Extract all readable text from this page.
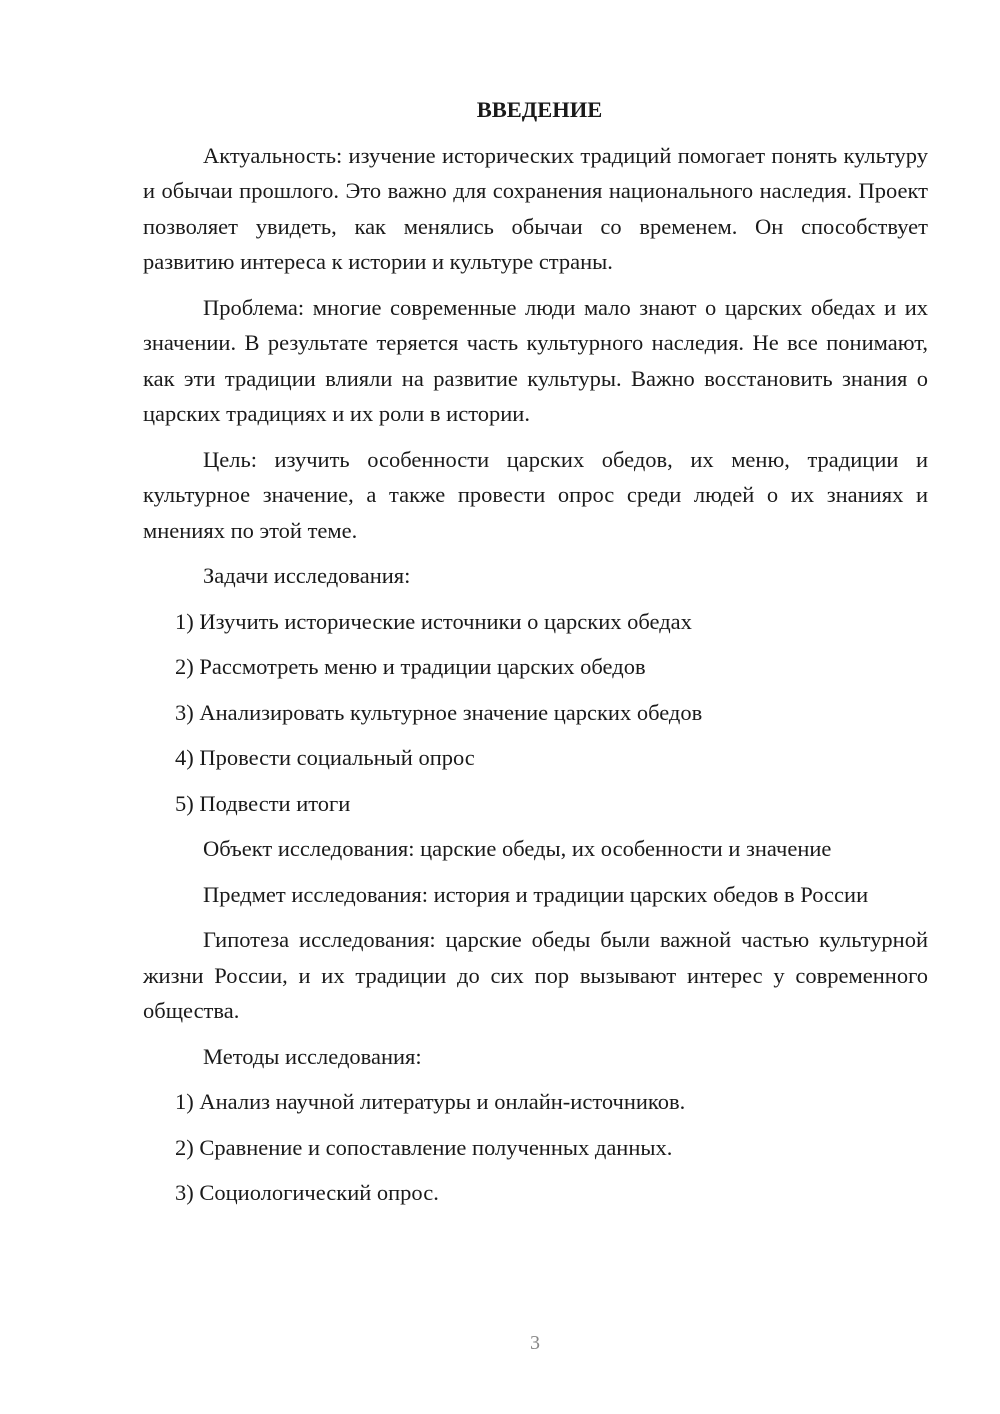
ВВЕДЕНИЕ

Актуальность: изучение исторических традиций помогает понять культуру и обычаи прошлого. Это важно для сохранения национального наследия. Проект позволяет увидеть, как менялись обычаи со временем. Он способствует развитию интереса к истории и культуре страны.

Проблема: многие современные люди мало знают о царских обедах и их значении. В результате теряется часть культурного наследия. Не все понимают, как эти традиции влияли на развитие культуры. Важно восстановить знания о царских традициях и их роли в истории.

Цель: изучить особенности царских обедов, их меню, традиции и культурное значение, а также провести опрос среди людей о их знаниях и мнениях по этой теме.

Задачи исследования:

1) Изучить исторические источники о царских обедах
2) Рассмотреть меню и традиции царских обедов
3) Анализировать культурное значение царских обедов
4) Провести социальный опрос
5) Подвести итоги

Объект исследования: царские обеды, их особенности и значение

Предмет исследования: история и традиции царских обедов в России

Гипотеза исследования: царские обеды были важной частью культурной жизни России, и их традиции до сих пор вызывают интерес у современного общества.

Методы исследования:

1) Анализ научной литературы и онлайн-источников.
2) Сравнение и сопоставление полученных данных.
3) Социологический опрос.
3
